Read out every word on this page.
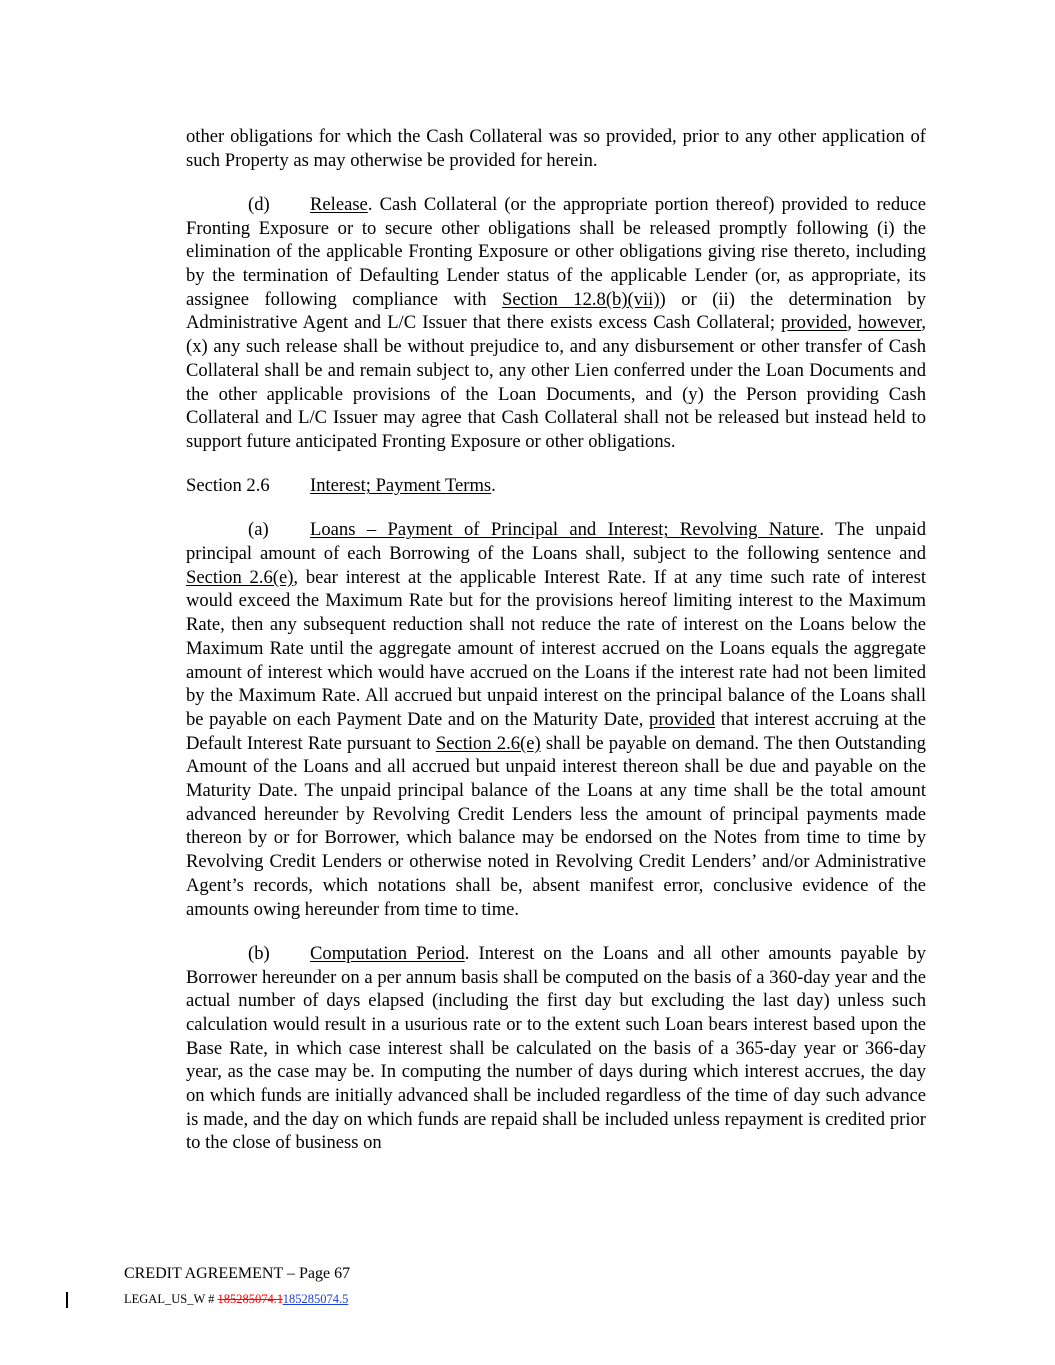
other obligations for which the Cash Collateral was so provided, prior to any other application of such Property as may otherwise be provided for herein.

(d) Release. Cash Collateral (or the appropriate portion thereof) provided to reduce Fronting Exposure or to secure other obligations shall be released promptly following (i) the elimination of the applicable Fronting Exposure or other obligations giving rise thereto, including by the termination of Defaulting Lender status of the applicable Lender (or, as appropriate, its assignee following compliance with Section 12.8(b)(vii)) or (ii) the determination by Administrative Agent and L/C Issuer that there exists excess Cash Collateral; provided, however, (x) any such release shall be without prejudice to, and any disbursement or other transfer of Cash Collateral shall be and remain subject to, any other Lien conferred under the Loan Documents and the other applicable provisions of the Loan Documents, and (y) the Person providing Cash Collateral and L/C Issuer may agree that Cash Collateral shall not be released but instead held to support future anticipated Fronting Exposure or other obligations.

Section 2.6 Interest; Payment Terms.

(a) Loans – Payment of Principal and Interest; Revolving Nature. The unpaid principal amount of each Borrowing of the Loans shall, subject to the following sentence and Section 2.6(e), bear interest at the applicable Interest Rate. If at any time such rate of interest would exceed the Maximum Rate but for the provisions hereof limiting interest to the Maximum Rate, then any subsequent reduction shall not reduce the rate of interest on the Loans below the Maximum Rate until the aggregate amount of interest accrued on the Loans equals the aggregate amount of interest which would have accrued on the Loans if the interest rate had not been limited by the Maximum Rate. All accrued but unpaid interest on the principal balance of the Loans shall be payable on each Payment Date and on the Maturity Date, provided that interest accruing at the Default Interest Rate pursuant to Section 2.6(e) shall be payable on demand. The then Outstanding Amount of the Loans and all accrued but unpaid interest thereon shall be due and payable on the Maturity Date. The unpaid principal balance of the Loans at any time shall be the total amount advanced hereunder by Revolving Credit Lenders less the amount of principal payments made thereon by or for Borrower, which balance may be endorsed on the Notes from time to time by Revolving Credit Lenders or otherwise noted in Revolving Credit Lenders’ and/or Administrative Agent’s records, which notations shall be, absent manifest error, conclusive evidence of the amounts owing hereunder from time to time.

(b) Computation Period. Interest on the Loans and all other amounts payable by Borrower hereunder on a per annum basis shall be computed on the basis of a 360-day year and the actual number of days elapsed (including the first day but excluding the last day) unless such calculation would result in a usurious rate or to the extent such Loan bears interest based upon the Base Rate, in which case interest shall be calculated on the basis of a 365-day year or 366-day year, as the case may be. In computing the number of days during which interest accrues, the day on which funds are initially advanced shall be included regardless of the time of day such advance is made, and the day on which funds are repaid shall be included unless repayment is credited prior to the close of business on

CREDIT AGREEMENT – Page 67

LEGAL_US_W # 185285074.1185285074.5
